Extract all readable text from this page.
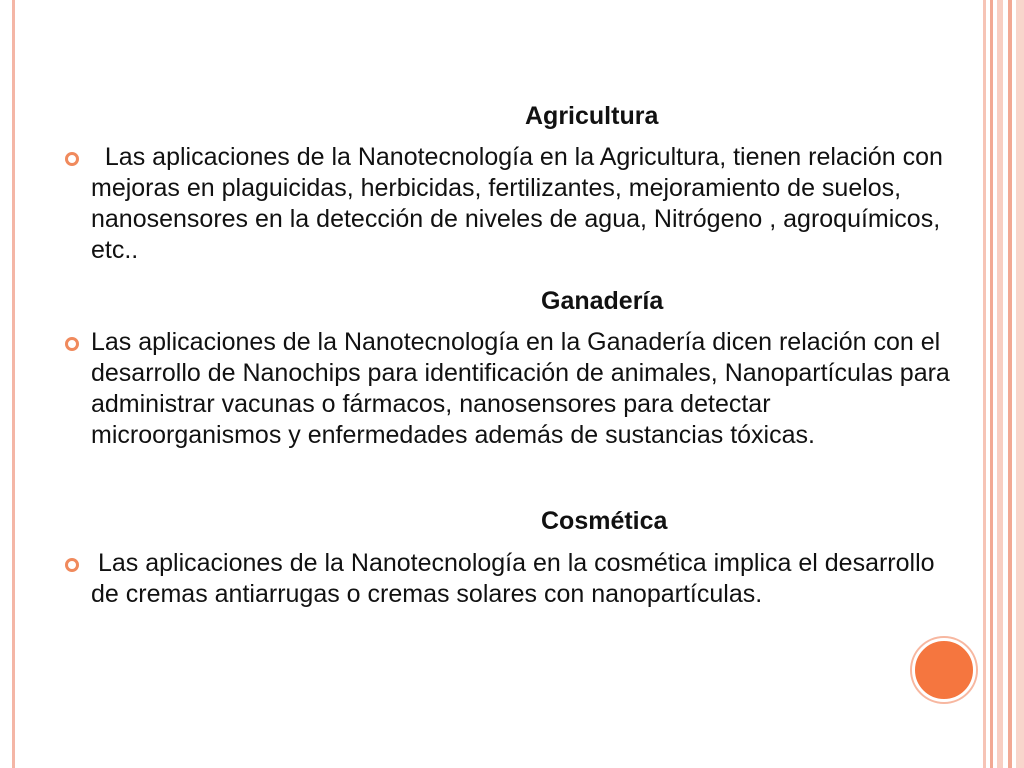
Agricultura
Las aplicaciones de la Nanotecnología en la Agricultura, tienen relación con mejoras en plaguicidas, herbicidas, fertilizantes, mejoramiento de suelos, nanosensores en la detección de niveles de agua, Nitrógeno , agroquímicos, etc..
Ganadería
Las aplicaciones de la Nanotecnología en la Ganadería dicen relación con el desarrollo de Nanochips para identificación de animales, Nanopartículas para administrar vacunas o fármacos, nanosensores para detectar microorganismos y enfermedades además de sustancias tóxicas.
Cosmética
Las aplicaciones de la Nanotecnología en la cosmética implica el desarrollo de cremas antiarrugas o cremas solares con nanopartículas.
